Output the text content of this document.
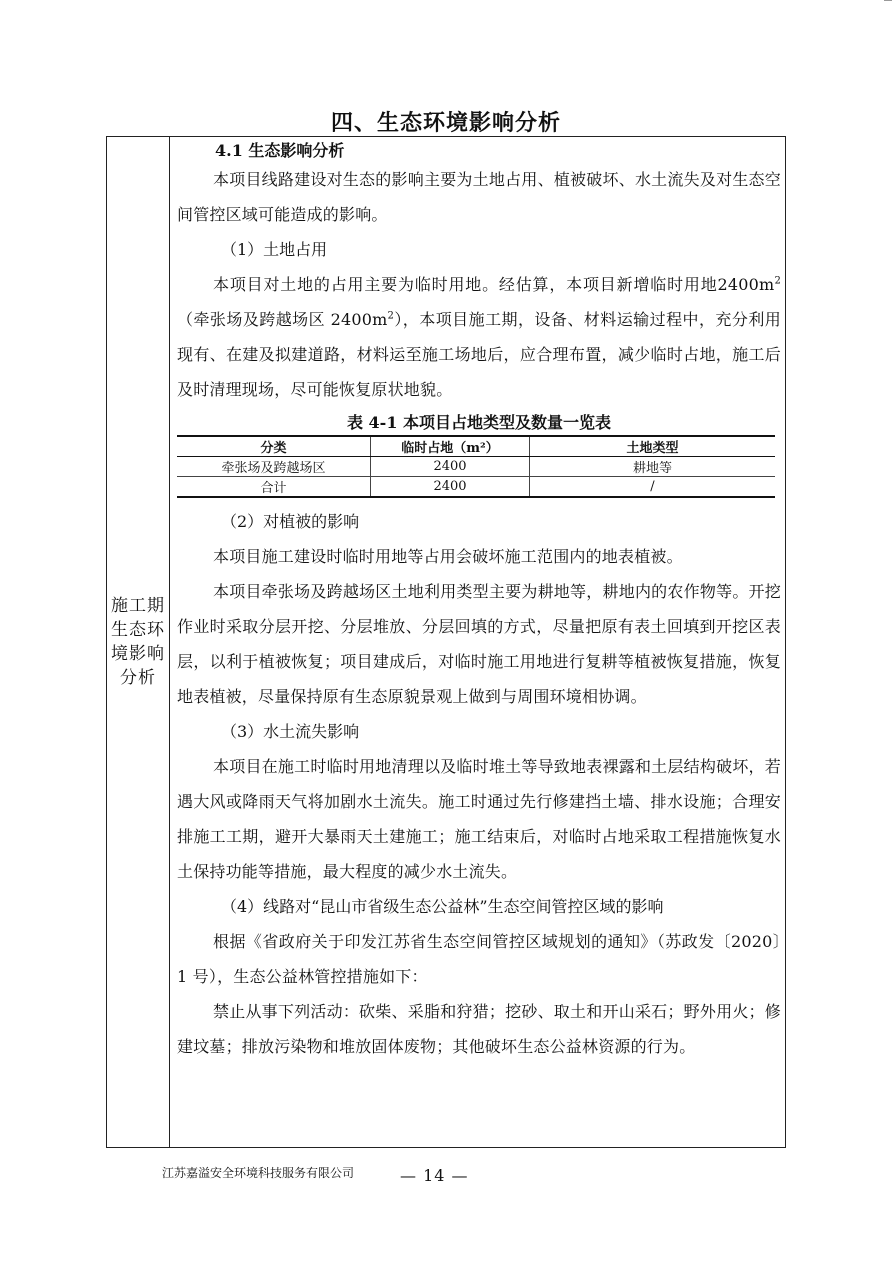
四、生态环境影响分析
施工期生态环境影响分析

4.1 生态影响分析

本项目线路建设对生态的影响主要为土地占用、植被破坏、水土流失及对生态空间管控区域可能造成的影响。

（1）土地占用

本项目对土地的占用主要为临时用地。经估算，本项目新增临时用地$2400m^2$（牵张场及跨越场区 $2400m^2$），本项目施工期，设备、材料运输过程中，充分利用现有、在建及拟建道路，材料运至施工场地后，应合理布置，减少临时占地，施工后及时清理现场，尽可能恢复原状地貌。

表 4-1 本项目占地类型及数量一览表

分类	临时占地（m²）	土地类型
牵张场及跨越场区	2400	耕地等
合计	2400	/

（2）对植被的影响

本项目施工建设时临时用地等占用会破坏施工范围内的地表植被。

本项目牵张场及跨越场区土地利用类型主要为耕地等，耕地内的农作物等。开挖作业时采取分层开挖、分层堆放、分层回填的方式，尽量把原有表土回填到开挖区表层，以利于植被恢复；项目建成后，对临时施工用地进行复耕等植被恢复措施，恢复地表植被，尽量保持原有生态原貌景观上做到与周围环境相协调。

（3）水土流失影响

本项目在施工时临时用地清理以及临时堆土等导致地表裸露和土层结构破坏，若遇大风或降雨天气将加剧水土流失。施工时通过先行修建挡土墙、排水设施；合理安排施工工期，避开大暴雨天土建施工；施工结束后，对临时占地采取工程措施恢复水土保持功能等措施，最大程度的减少水土流失。

（4）线路对“昆山市省级生态公益林”生态空间管控区域的影响

根据《省政府关于印发江苏省生态空间管控区域规划的通知》（苏政发〔2020〕1 号），生态公益林管控措施如下：

禁止从事下列活动：砍柴、采脂和狩猎；挖砂、取土和开山采石；野外用火；修建坟墓；排放污染物和堆放固体废物；其他破坏生态公益林资源的行为。

江苏嘉溢安全环境科技服务有限公司	— 14 —
